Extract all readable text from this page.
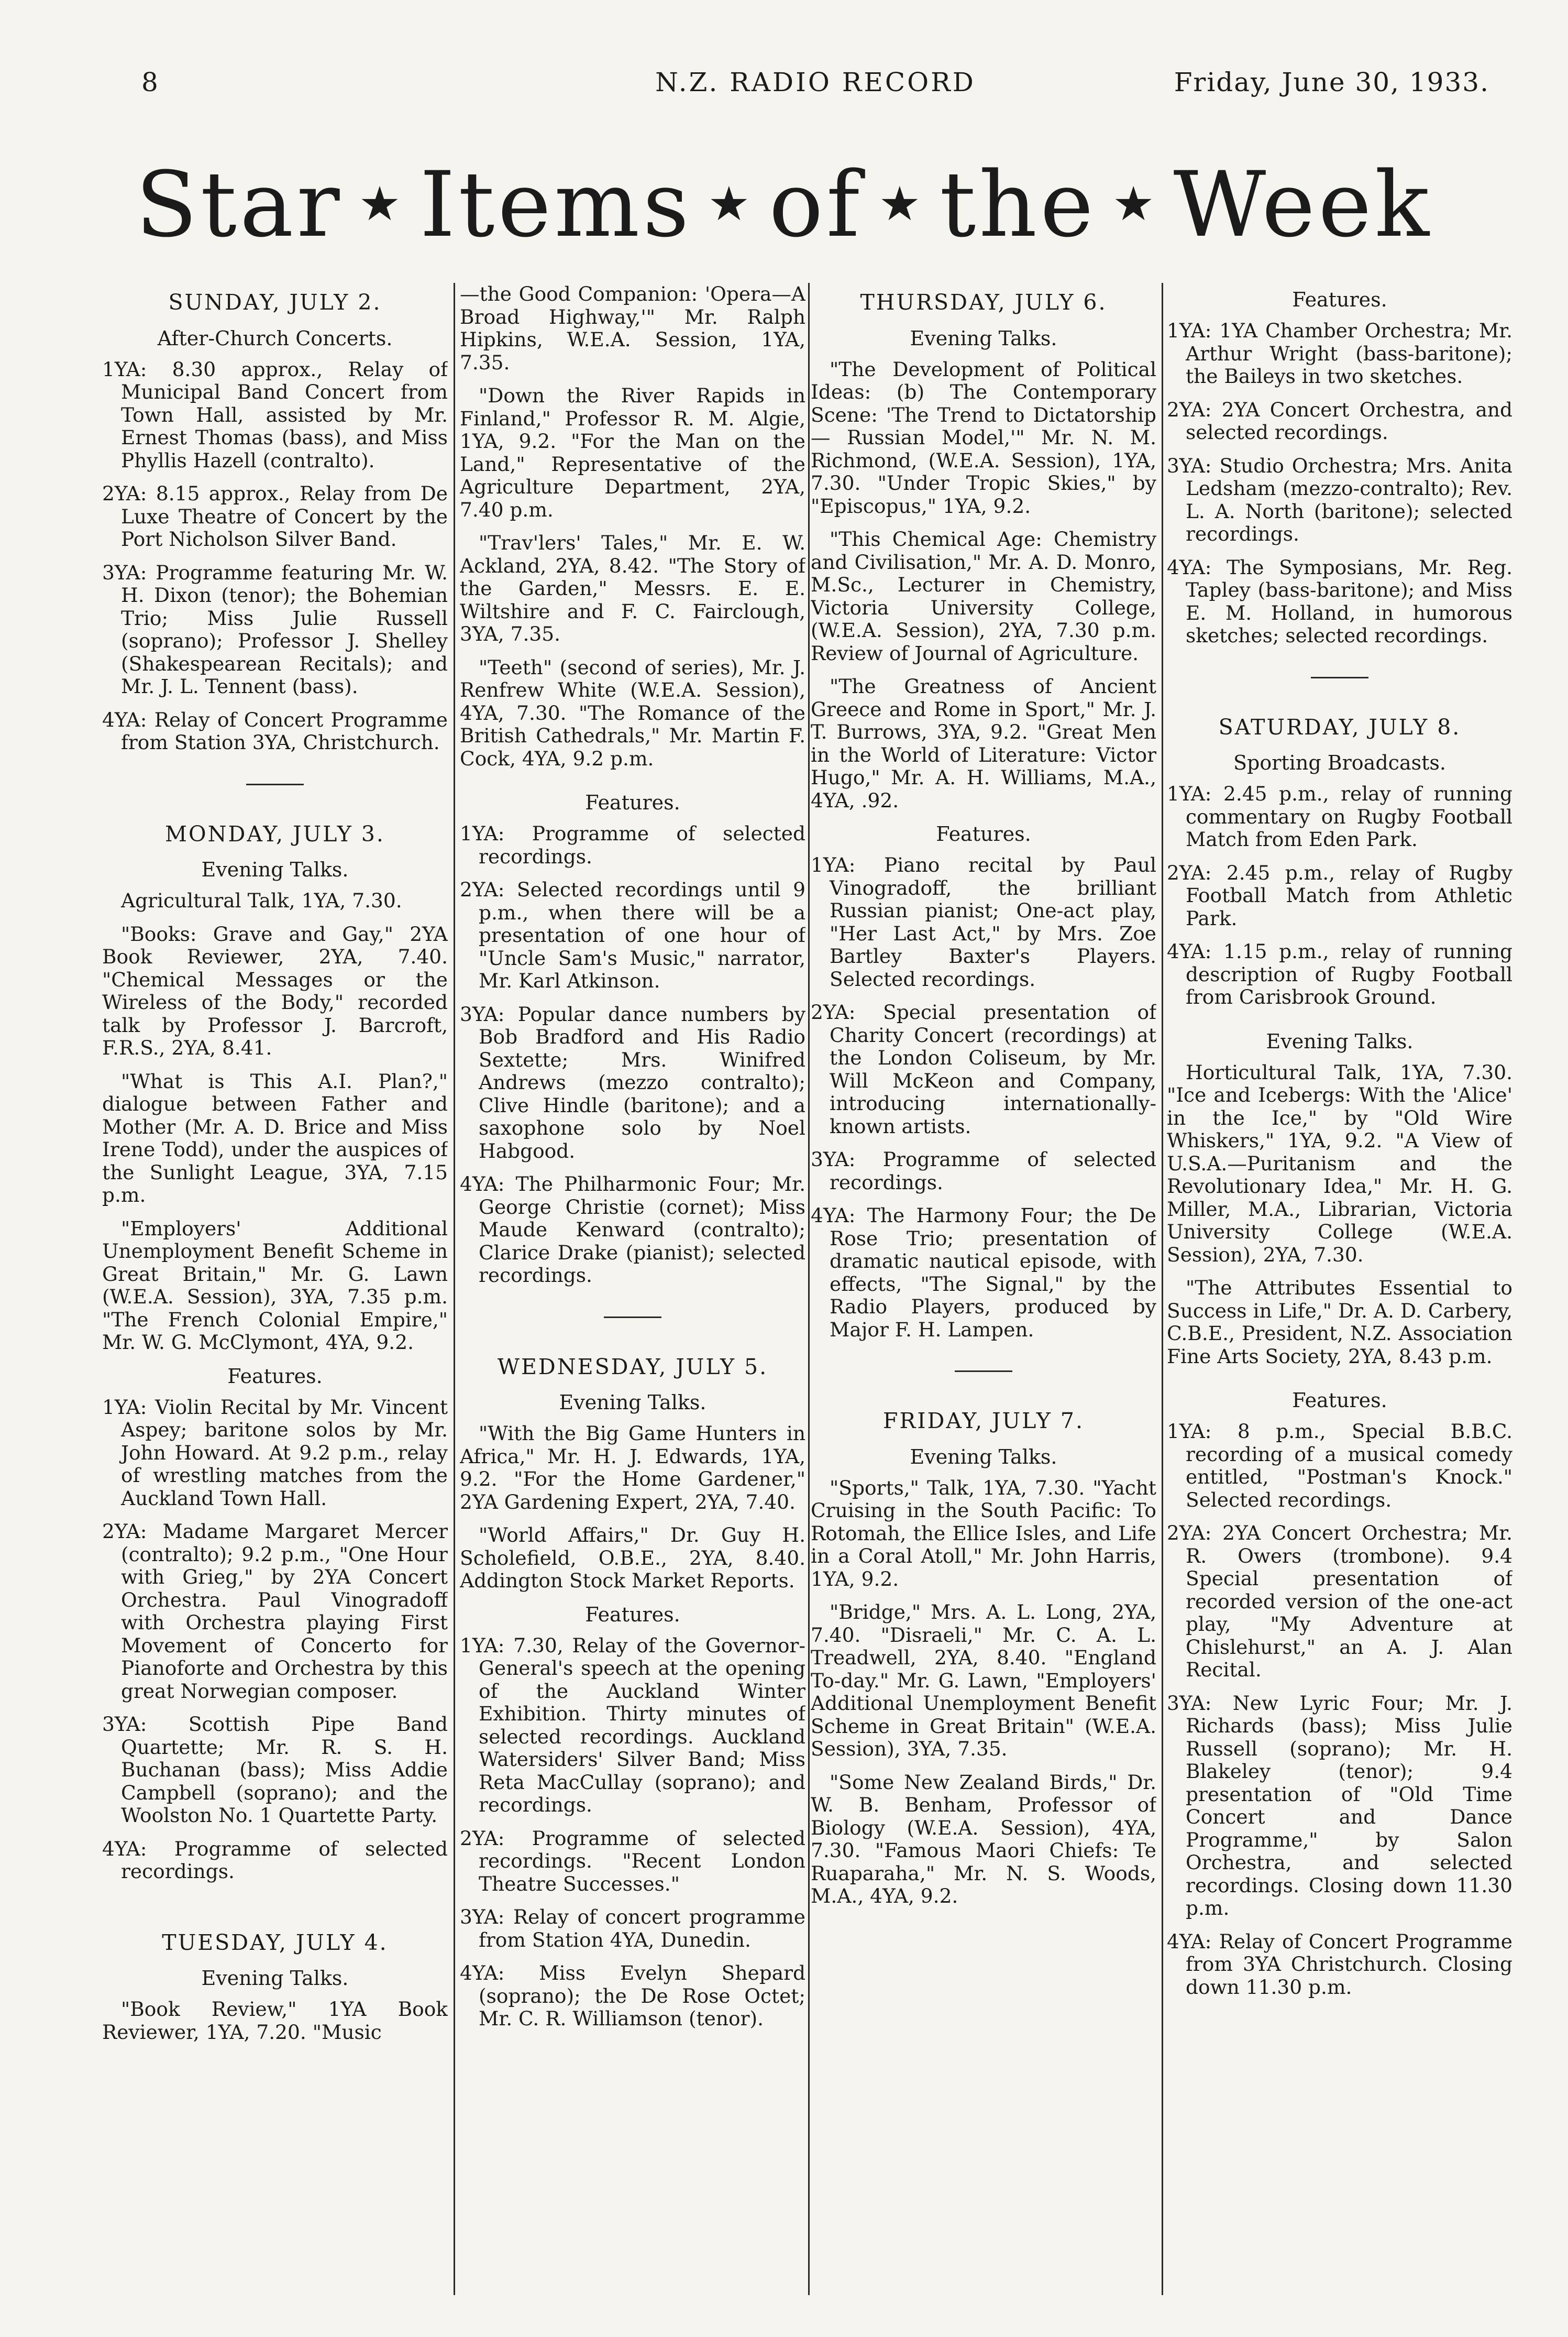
8	N.Z. RADIO RECORD	Friday, June 30, 1933.
Star ★ Items ★ of ★ the ★ Week
SUNDAY, JULY 2.
After-Church Concerts.

1YA: 8.30 approx., Relay of Municipal Band Concert from Town Hall, assisted by Mr. Ernest Thomas (bass), and Miss Phyllis Hazell (contralto).

2YA: 8.15 approx., Relay from De Luxe Theatre of Concert by the Port Nicholson Silver Band.

3YA: Programme featuring Mr. W. H. Dixon (tenor); the Bohemian Trio; Miss Julie Russell (soprano); Professor J. Shelley (Shakespearean Recitals); and Mr. J. L. Tennent (bass).

4YA: Relay of Concert Programme from Station 3YA, Christchurch.

MONDAY, JULY 3.
Evening Talks.

Agricultural Talk, 1YA, 7.30.

"Books: Grave and Gay," 2YA Book Reviewer, 2YA, 7.40. "Chemical Messages or the Wireless of the Body," recorded talk by Professor J. Barcroft, F.R.S., 2YA, 8.41.

"What is This A.I. Plan?," dialogue between Father and Mother (Mr. A. D. Brice and Miss Irene Todd), under the auspices of the Sunlight League, 3YA, 7.15 p.m.

"Employers' Additional Unemployment Benefit Scheme in Great Britain," Mr. G. Lawn (W.E.A. Session), 3YA, 7.35 p.m. "The French Colonial Empire," Mr. W. G. McClymont, 4YA, 9.2.

Features.

1YA: Violin Recital by Mr. Vincent Aspey; baritone solos by Mr. John Howard. At 9.2 p.m., relay of wrestling matches from the Auckland Town Hall.

2YA: Madame Margaret Mercer (contralto); 9.2 p.m., "One Hour with Grieg," by 2YA Concert Orchestra. Paul Vinogradoff with Orchestra playing First Movement of Concerto for Pianoforte and Orchestra by this great Norwegian composer.

3YA: Scottish Pipe Band Quartette; Mr. R. S. H. Buchanan (bass); Miss Addie Campbell (soprano); and the Woolston No. 1 Quartette Party.

4YA: Programme of selected recordings.

TUESDAY, JULY 4.
Evening Talks.

"Book Review," 1YA Book Reviewer, 1YA, 7.20. "Music

—the Good Companion: 'Opera—A Broad Highway,'" Mr. Ralph Hipkins, W.E.A. Session, 1YA, 7.35.

"Down the River Rapids in Finland," Professor R. M. Algie, 1YA, 9.2. "For the Man on the Land," Representative of the Agriculture Department, 2YA, 7.40 p.m.

"Trav'lers' Tales," Mr. E. W. Ackland, 2YA, 8.42. "The Story of the Garden," Messrs. E. E. Wiltshire and F. C. Fairclough, 3YA, 7.35.

"Teeth" (second of series), Mr. J. Renfrew White (W.E.A. Session), 4YA, 7.30. "The Romance of the British Cathedrals," Mr. Martin F. Cock, 4YA, 9.2 p.m.

Features.

1YA: Programme of selected recordings.

2YA: Selected recordings until 9 p.m., when there will be a presentation of one hour of "Uncle Sam's Music," narrator, Mr. Karl Atkinson.

3YA: Popular dance numbers by Bob Bradford and His Radio Sextette; Mrs. Winifred Andrews (mezzo contralto); Clive Hindle (baritone); and a saxophone solo by Noel Habgood.

4YA: The Philharmonic Four; Mr. George Christie (cornet); Miss Maude Kenward (contralto); Clarice Drake (pianist); selected recordings.

WEDNESDAY, JULY 5.
Evening Talks.

"With the Big Game Hunters in Africa," Mr. H. J. Edwards, 1YA, 9.2. "For the Home Gardener," 2YA Gardening Expert, 2YA, 7.40.

"World Affairs," Dr. Guy H. Scholefield, O.B.E., 2YA, 8.40. Addington Stock Market Reports.

Features.

1YA: 7.30, Relay of the Governor-General's speech at the opening of the Auckland Winter Exhibition. Thirty minutes of selected recordings. Auckland Watersiders' Silver Band; Miss Reta MacCullay (soprano); and recordings.

2YA: Programme of selected recordings. "Recent London Theatre Successes."

3YA: Relay of concert programme from Station 4YA, Dunedin.

4YA: Miss Evelyn Shepard (soprano); the De Rose Octet; Mr. C. R. Williamson (tenor).

THURSDAY, JULY 6.
Evening Talks.

"The Development of Political Ideas: (b) The Contemporary Scene: 'The Trend to Dictatorship — Russian Model,'" Mr. N. M. Richmond, (W.E.A. Session), 1YA, 7.30. "Under Tropic Skies," by "Episcopus," 1YA, 9.2.

"This Chemical Age: Chemistry and Civilisation," Mr. A. D. Monro, M.Sc., Lecturer in Chemistry, Victoria University College, (W.E.A. Session), 2YA, 7.30 p.m. Review of Journal of Agriculture.

"The Greatness of Ancient Greece and Rome in Sport," Mr. J. T. Burrows, 3YA, 9.2. "Great Men in the World of Literature: Victor Hugo," Mr. A. H. Williams, M.A., 4YA, .92.

Features.

1YA: Piano recital by Paul Vinogradoff, the brilliant Russian pianist; One-act play, "Her Last Act," by Mrs. Zoe Bartley Baxter's Players. Selected recordings.

2YA: Special presentation of Charity Concert (recordings) at the London Coliseum, by Mr. Will McKeon and Company, introducing internationally-known artists.

3YA: Programme of selected recordings.

4YA: The Harmony Four; the De Rose Trio; presentation of dramatic nautical episode, with effects, "The Signal," by the Radio Players, produced by Major F. H. Lampen.

FRIDAY, JULY 7.
Evening Talks.

"Sports," Talk, 1YA, 7.30. "Yacht Cruising in the South Pacific: To Rotomah, the Ellice Isles, and Life in a Coral Atoll," Mr. John Harris, 1YA, 9.2.

"Bridge," Mrs. A. L. Long, 2YA, 7.40. "Disraeli," Mr. C. A. L. Treadwell, 2YA, 8.40. "England To-day." Mr. G. Lawn, "Employers' Additional Unemployment Benefit Scheme in Great Britain" (W.E.A. Session), 3YA, 7.35.

"Some New Zealand Birds," Dr. W. B. Benham, Professor of Biology (W.E.A. Session), 4YA, 7.30. "Famous Maori Chiefs: Te Ruaparaha," Mr. N. S. Woods, M.A., 4YA, 9.2.

Features.

1YA: 1YA Chamber Orchestra; Mr. Arthur Wright (bass-baritone); the Baileys in two sketches.

2YA: 2YA Concert Orchestra, and selected recordings.

3YA: Studio Orchestra; Mrs. Anita Ledsham (mezzo-contralto); Rev. L. A. North (baritone); selected recordings.

4YA: The Symposians, Mr. Reg. Tapley (bass-baritone); and Miss E. M. Holland, in humorous sketches; selected recordings.

SATURDAY, JULY 8.
Sporting Broadcasts.

1YA: 2.45 p.m., relay of running commentary on Rugby Football Match from Eden Park.

2YA: 2.45 p.m., relay of Rugby Football Match from Athletic Park.

4YA: 1.15 p.m., relay of running description of Rugby Football from Carisbrook Ground.

Evening Talks.

Horticultural Talk, 1YA, 7.30. "Ice and Icebergs: With the 'Alice' in the Ice," by "Old Wire Whiskers," 1YA, 9.2. "A View of U.S.A.—Puritanism and the Revolutionary Idea," Mr. H. G. Miller, M.A., Librarian, Victoria University College (W.E.A. Session), 2YA, 7.30.

"The Attributes Essential to Success in Life," Dr. A. D. Carbery, C.B.E., President, N.Z. Association Fine Arts Society, 2YA, 8.43 p.m.

Features.

1YA: 8 p.m., Special B.B.C. recording of a musical comedy entitled, "Postman's Knock." Selected recordings.

2YA: 2YA Concert Orchestra; Mr. R. Owers (trombone). 9.4 Special presentation of recorded version of the one-act play, "My Adventure at Chislehurst," an A. J. Alan Recital.

3YA: New Lyric Four; Mr. J. Richards (bass); Miss Julie Russell (soprano); Mr. H. Blakeley (tenor); 9.4 presentation of "Old Time Concert and Dance Programme," by Salon Orchestra, and selected recordings. Closing down 11.30 p.m.

4YA: Relay of Concert Programme from 3YA Christchurch. Closing down 11.30 p.m.
